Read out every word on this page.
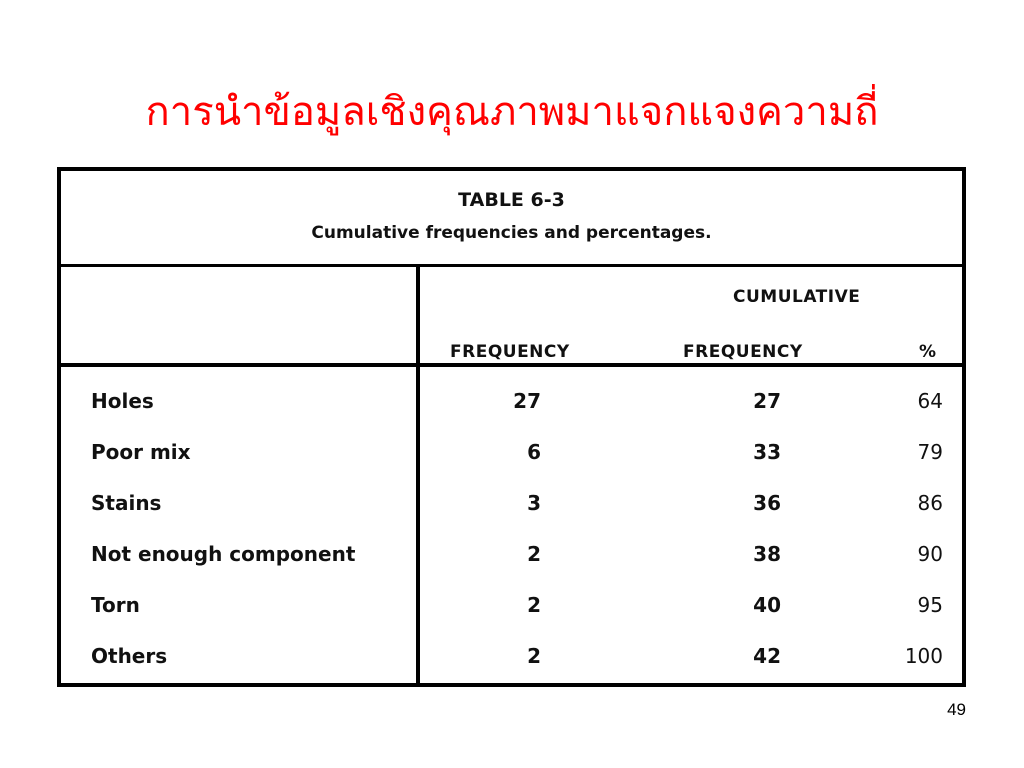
การนำข้อมูลเชิงคุณภาพมาแจกแจงความถี่
TABLE 6-3
Cumulative frequencies and percentages.
CUMULATIVE
FREQUENCY	FREQUENCY	%
Holes	27	27	64
Poor mix	6	33	79
Stains	3	36	86
Not enough component	2	38	90
Torn	2	40	95
Others	2	42	100
49
